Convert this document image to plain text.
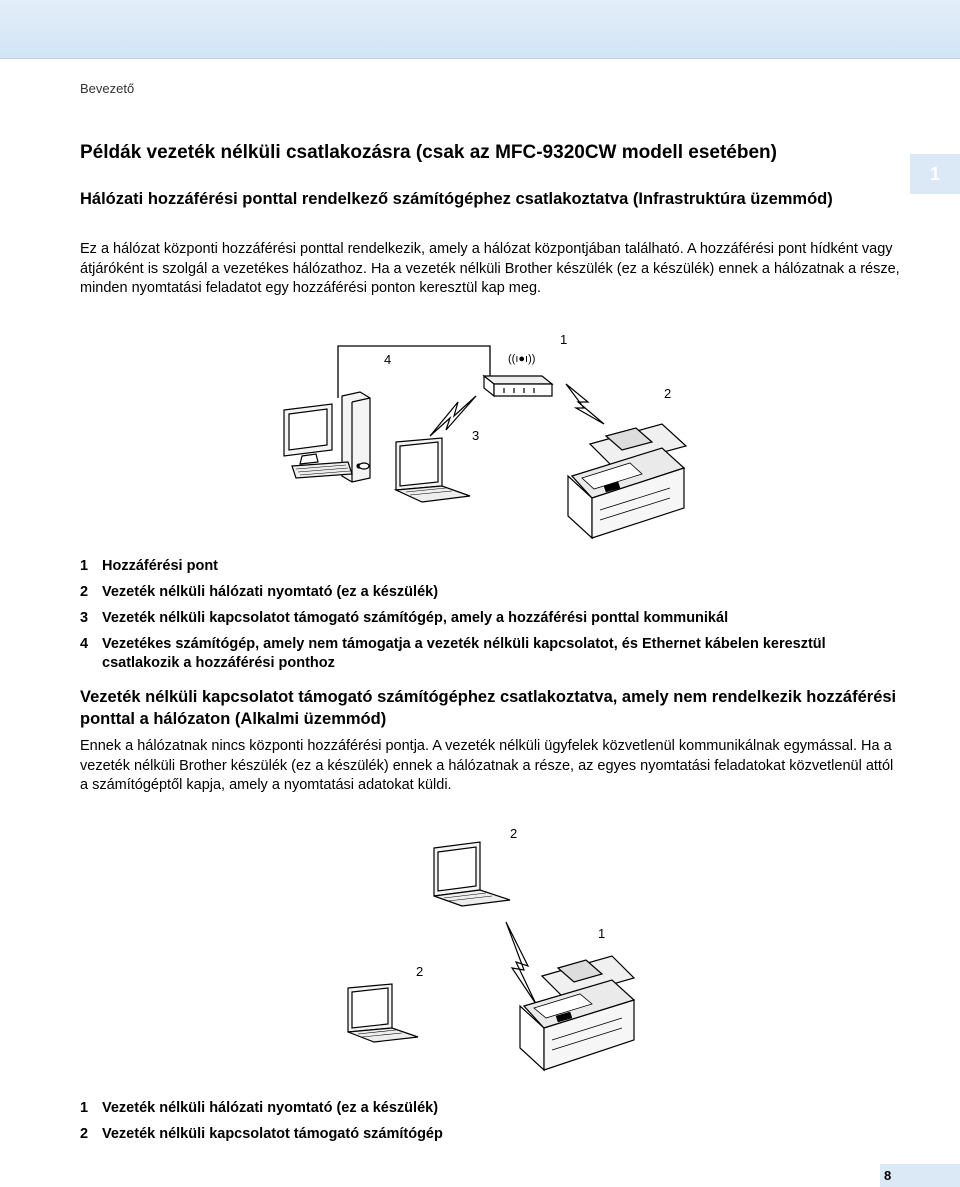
1
Bevezető
Példák vezeték nélküli csatlakozásra (csak az MFC-9320CW modell esetében)

Hálózati hozzáférési ponttal rendelkező számítógéphez csatlakoztatva (Infrastruktúra üzemmód)

Ez a hálózat központi hozzáférési ponttal rendelkezik, amely a hálózat központjában található. A hozzáférési pont hídként vagy átjáróként is szolgál a vezetékes hálózathoz. Ha a vezeték nélküli Brother készülék (ez a készülék) ennek a hálózatnak a része, minden nyomtatási feladatot egy hozzáférési ponton keresztül kap meg.

((ı●ı))
4
3
1
2
1 Hozzáférési pont
2 Vezeték nélküli hálózati nyomtató (ez a készülék)
3 Vezeték nélküli kapcsolatot támogató számítógép, amely a hozzáférési ponttal kommunikál
4 Vezetékes számítógép, amely nem támogatja a vezeték nélküli kapcsolatot, és Ethernet kábelen keresztül csatlakozik a hozzáférési ponthoz

Vezeték nélküli kapcsolatot támogató számítógéphez csatlakoztatva, amely nem rendelkezik hozzáférési ponttal a hálózaton (Alkalmi üzemmód)

Ennek a hálózatnak nincs központi hozzáférési pontja. A vezeték nélküli ügyfelek közvetlenül kommunikálnak egymással. Ha a vezeték nélküli Brother készülék (ez a készülék) ennek a hálózatnak a része, az egyes nyomtatási feladatokat közvetlenül attól a számítógéptől kapja, amely a nyomtatási adatokat küldi.

2
1
2
1 Vezeték nélküli hálózati nyomtató (ez a készülék)
2 Vezeték nélküli kapcsolatot támogató számítógép
8
